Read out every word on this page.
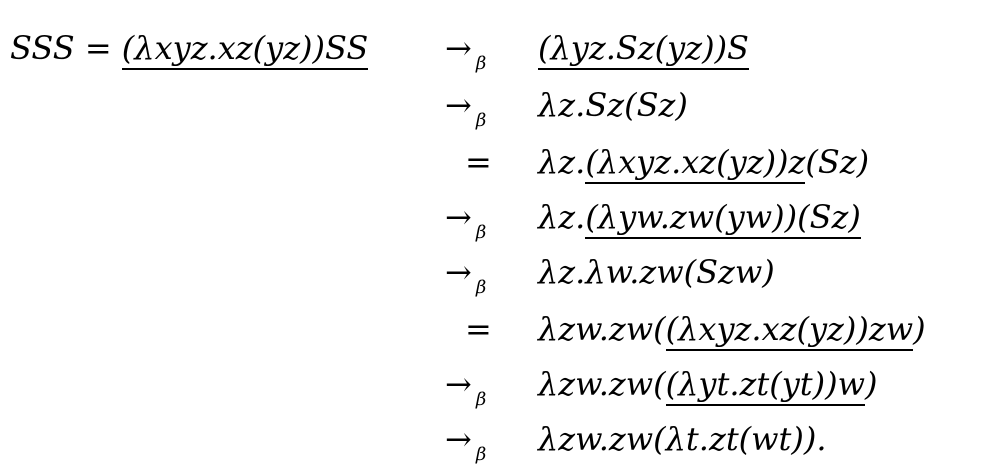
SSS = (λxyz.xz(yz))SS → $_\beta$	(λyz.Sz(yz))S
→ $_\beta$	λz.Sz(Sz)
=	λz.(λxyz.xz(yz))z(Sz)
→ $_\beta$	λz.(λyw.zw(yw))(Sz)
→ $_\beta$	λz.λw.zw(Szw)
=	λzw.zw((λxyz.xz(yz))zw)
→ $_\beta$	λzw.zw((λyt.zt(yt))w)
→ $_\beta$	λzw.zw(λt.zt(wt)).
